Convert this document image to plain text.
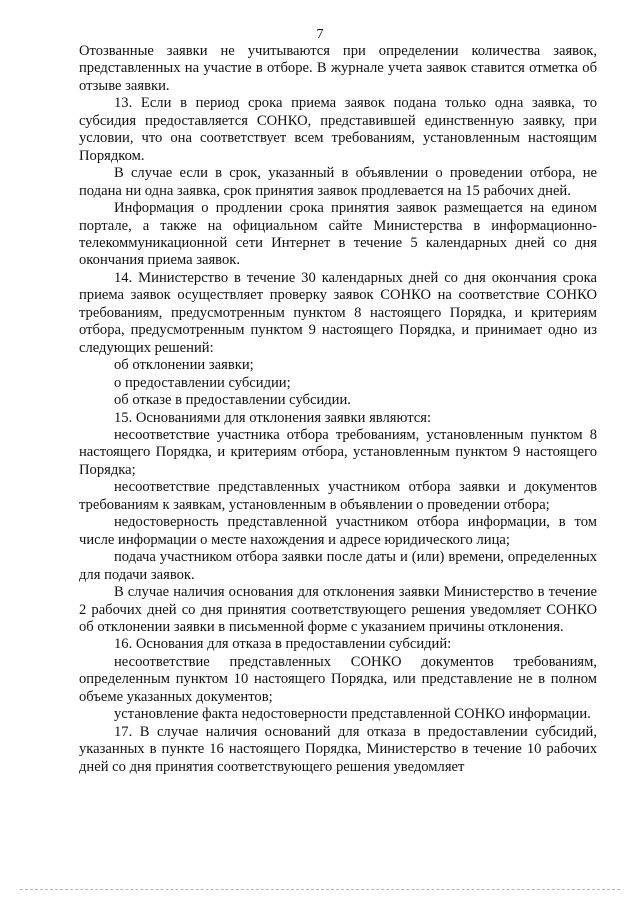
7

Отозванные заявки не учитываются при определении количества заявок, представленных на участие в отборе. В журнале учета заявок ставится отметка об отзыве заявки.

13. Если в период срока приема заявок подана только одна заявка, то субсидия предоставляется СОНКО, представившей единственную заявку, при условии, что она соответствует всем требованиям, установленным настоящим Порядком.

В случае если в срок, указанный в объявлении о проведении отбора, не подана ни одна заявка, срок принятия заявок продлевается на 15 рабочих дней.

Информация о продлении срока принятия заявок размещается на едином портале, а также на официальном сайте Министерства в информационно-телекоммуникационной сети Интернет в течение 5 календарных дней со дня окончания приема заявок.

14. Министерство в течение 30 календарных дней со дня окончания срока приема заявок осуществляет проверку заявок СОНКО на соответствие СОНКО требованиям, предусмотренным пунктом 8 настоящего Порядка, и критериям отбора, предусмотренным пунктом 9 настоящего Порядка, и принимает одно из следующих решений:

об отклонении заявки;

о предоставлении субсидии;

об отказе в предоставлении субсидии.

15. Основаниями для отклонения заявки являются:

несоответствие участника отбора требованиям, установленным пунктом 8 настоящего Порядка, и критериям отбора, установленным пунктом 9 настоящего Порядка;

несоответствие представленных участником отбора заявки и документов требованиям к заявкам, установленным в объявлении о проведении отбора;

недостоверность представленной участником отбора информации, в том числе информации о месте нахождения и адресе юридического лица;

подача участником отбора заявки после даты и (или) времени, определенных для подачи заявок.

В случае наличия основания для отклонения заявки Министерство в течение 2 рабочих дней со дня принятия соответствующего решения уведомляет СОНКО об отклонении заявки в письменной форме с указанием причины отклонения.

16. Основания для отказа в предоставлении субсидий:

несоответствие представленных СОНКО документов требованиям, определенным пунктом 10 настоящего Порядка, или представление не в полном объеме указанных документов;

установление факта недостоверности представленной СОНКО информации.

17. В случае наличия оснований для отказа в предоставлении субсидий, указанных в пункте 16 настоящего Порядка, Министерство в течение 10 рабочих дней со дня принятия соответствующего решения уведомляет
